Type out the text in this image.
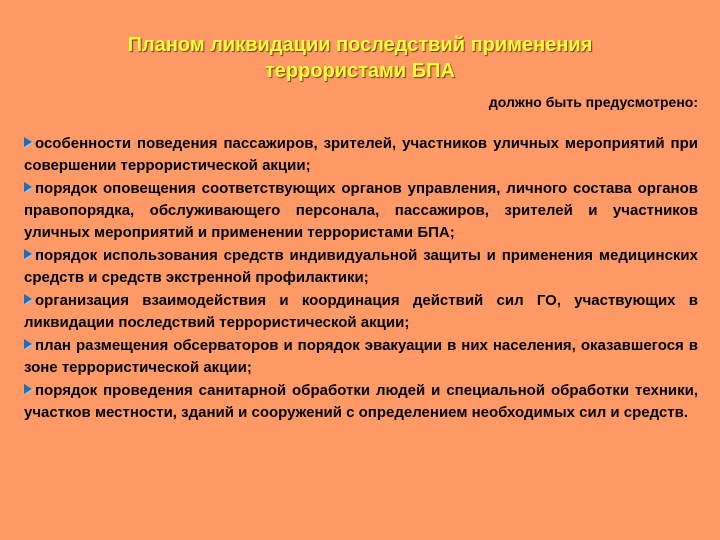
Планом ликвидации последствий применения
террористами БПА
должно быть предусмотрено:
особенности поведения пассажиров, зрителей, участников уличных мероприятий при совершении террористической акции;
порядок оповещения соответствующих органов управления, личного состава органов правопорядка, обслуживающего персонала, пассажиров, зрителей и участников уличных мероприятий и применении террористами БПА;
порядок использования средств индивидуальной защиты и применения медицинских средств и средств экстренной профилактики;
организация взаимодействия и координация действий сил ГО, участвующих в ликвидации последствий террористической акции;
план размещения обсерваторов и порядок эвакуации в них населения, оказавшегося в зоне террористической акции;
порядок проведения санитарной обработки людей и специальной обработки техники, участков местности, зданий и сооружений с определением необходимых сил и средств.
